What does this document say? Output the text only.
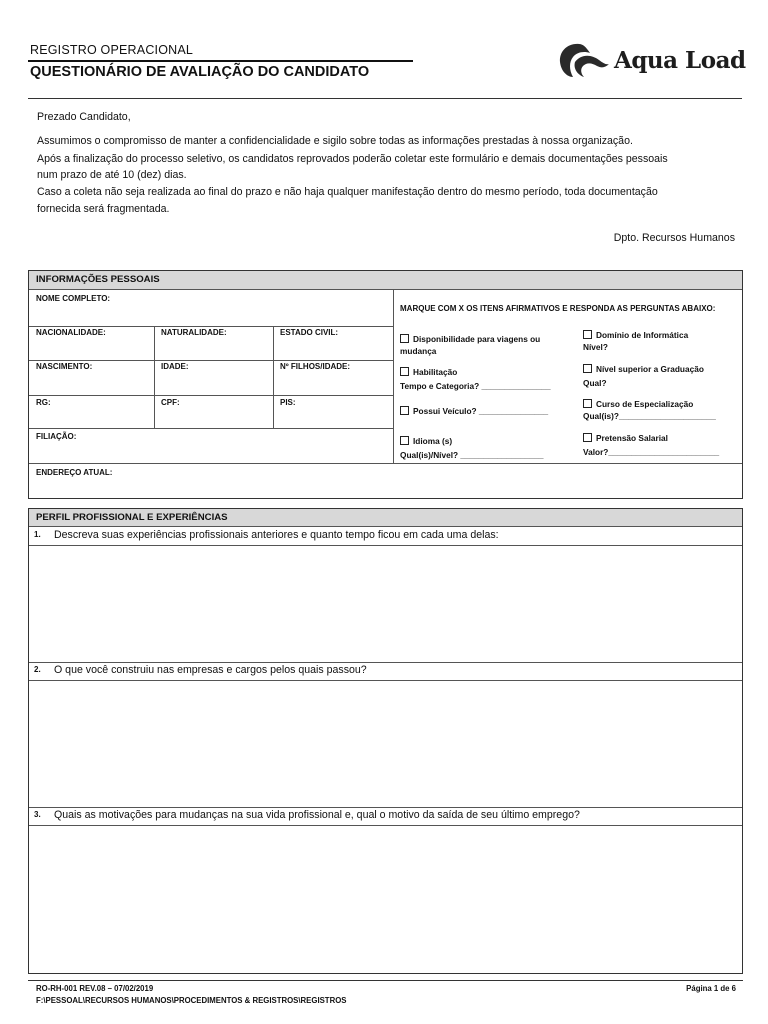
REGISTRO OPERACIONAL
QUESTIONÁRIO DE AVALIAÇÃO DO CANDIDATO	Aqua Load
Prezado Candidato,
Assumimos o compromisso de manter a confidencialidade e sigilo sobre todas as informações prestadas à nossa organização.
Após a finalização do processo seletivo, os candidatos reprovados poderão coletar este formulário e demais documentações pessoais
num prazo de até 10 (dez) dias.
Caso a coleta não seja realizada ao final do prazo e não haja qualquer manifestação dentro do mesmo período, toda documentação
fornecida será fragmentada.
Dpto. Recursos Humanos
INFORMAÇÕES PESSOAIS
NOME COMPLETO:
NACIONALIDADE:	NATURALIDADE:	ESTADO CIVIL:
NASCIMENTO:	IDADE:	Nº FILHOS/IDADE:
RG:	CPF:	PIS:
FILIAÇÃO:
ENDEREÇO ATUAL:
MARQUE COM X OS ITENS AFIRMATIVOS E RESPONDA AS PERGUNTAS ABAIXO:
Disponibilidade para viagens ou
mudança
Domínio de Informática
Nível?
Habilitação
Tempo e Categoria? _______________
Nível superior a Graduação
Qual?
Possui Veículo? _______________
Curso de Especialização
Qual(is)?_____________________
Idioma (s)
Qual(is)/Nível? __________________
Pretensão Salarial
Valor?________________________
PERFIL PROFISSIONAL E EXPERIÊNCIAS
1. Descreva suas experiências profissionais anteriores e quanto tempo ficou em cada uma delas:
2. O que você construiu nas empresas e cargos pelos quais passou?
3. Quais as motivações para mudanças na sua vida profissional e, qual o motivo da saída de seu último emprego?
RO-RH-001 REV.08 – 07/02/2019
F:\PESSOAL\RECURSOS HUMANOS\PROCEDIMENTOS & REGISTROS\REGISTROS
Página 1 de 6
